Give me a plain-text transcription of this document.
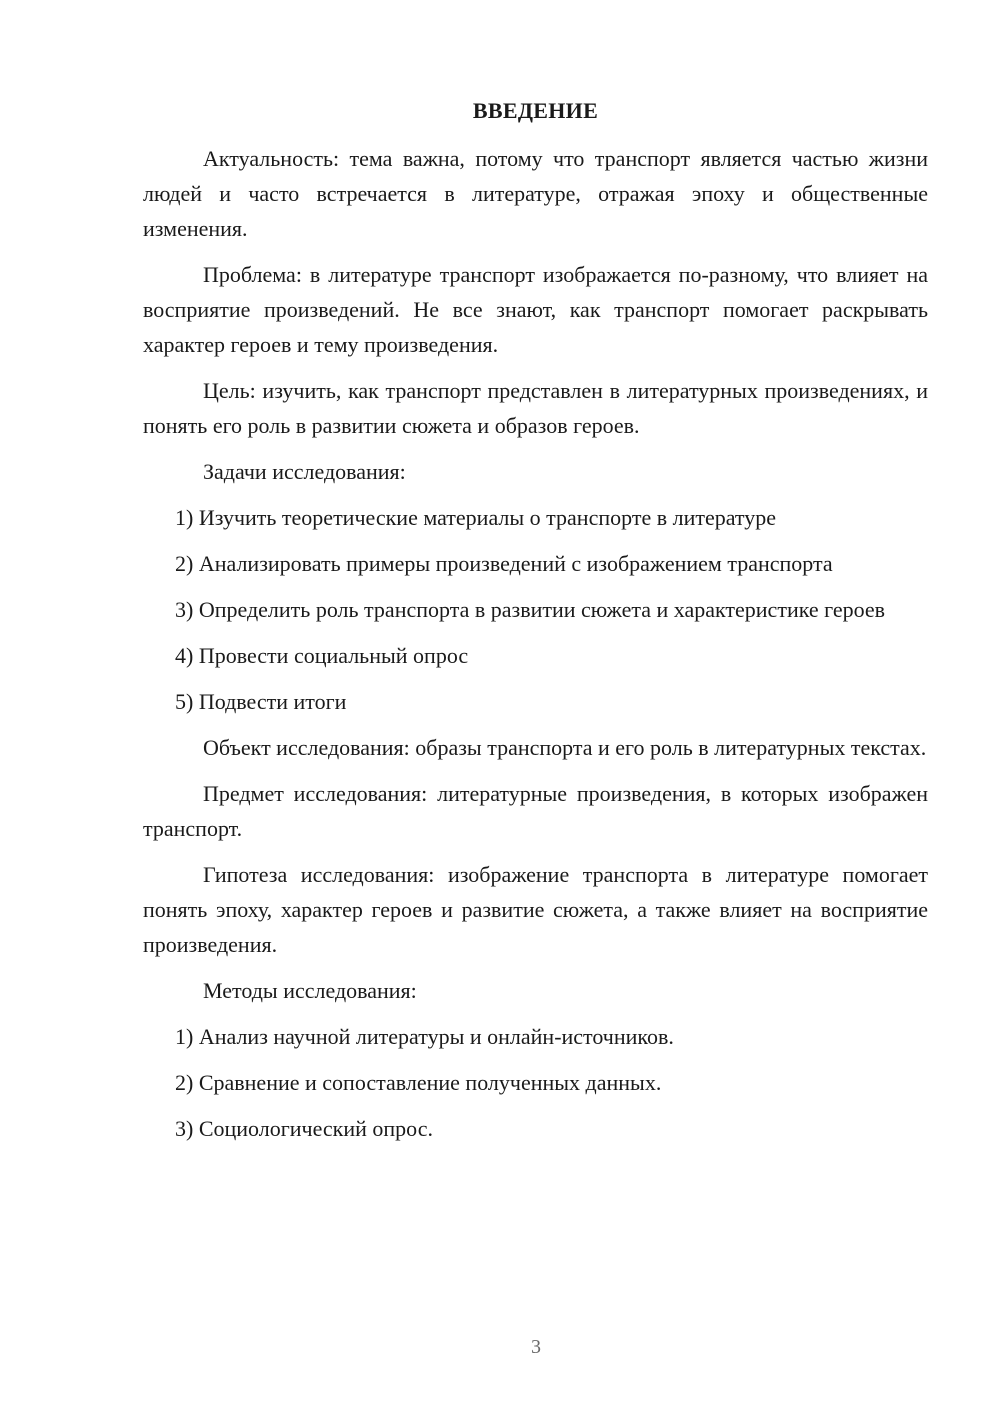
ВВЕДЕНИЕ

Актуальность: тема важна, потому что транспорт является частью жизни людей и часто встречается в литературе, отражая эпоху и общественные изменения.

Проблема: в литературе транспорт изображается по-разному, что влияет на восприятие произведений. Не все знают, как транспорт помогает раскрывать характер героев и тему произведения.

Цель: изучить, как транспорт представлен в литературных произведениях, и понять его роль в развитии сюжета и образов героев.

Задачи исследования:

1) Изучить теоретические материалы о транспорте в литературе

2) Анализировать примеры произведений с изображением транспорта

3) Определить роль транспорта в развитии сюжета и характеристике героев

4) Провести социальный опрос

5) Подвести итоги

Объект исследования: образы транспорта и его роль в литературных текстах.

Предмет исследования: литературные произведения, в которых изображен транспорт.

Гипотеза исследования: изображение транспорта в литературе помогает понять эпоху, характер героев и развитие сюжета, а также влияет на восприятие произведения.

Методы исследования:

1) Анализ научной литературы и онлайн-источников.

2) Сравнение и сопоставление полученных данных.

3) Социологический опрос.

3
